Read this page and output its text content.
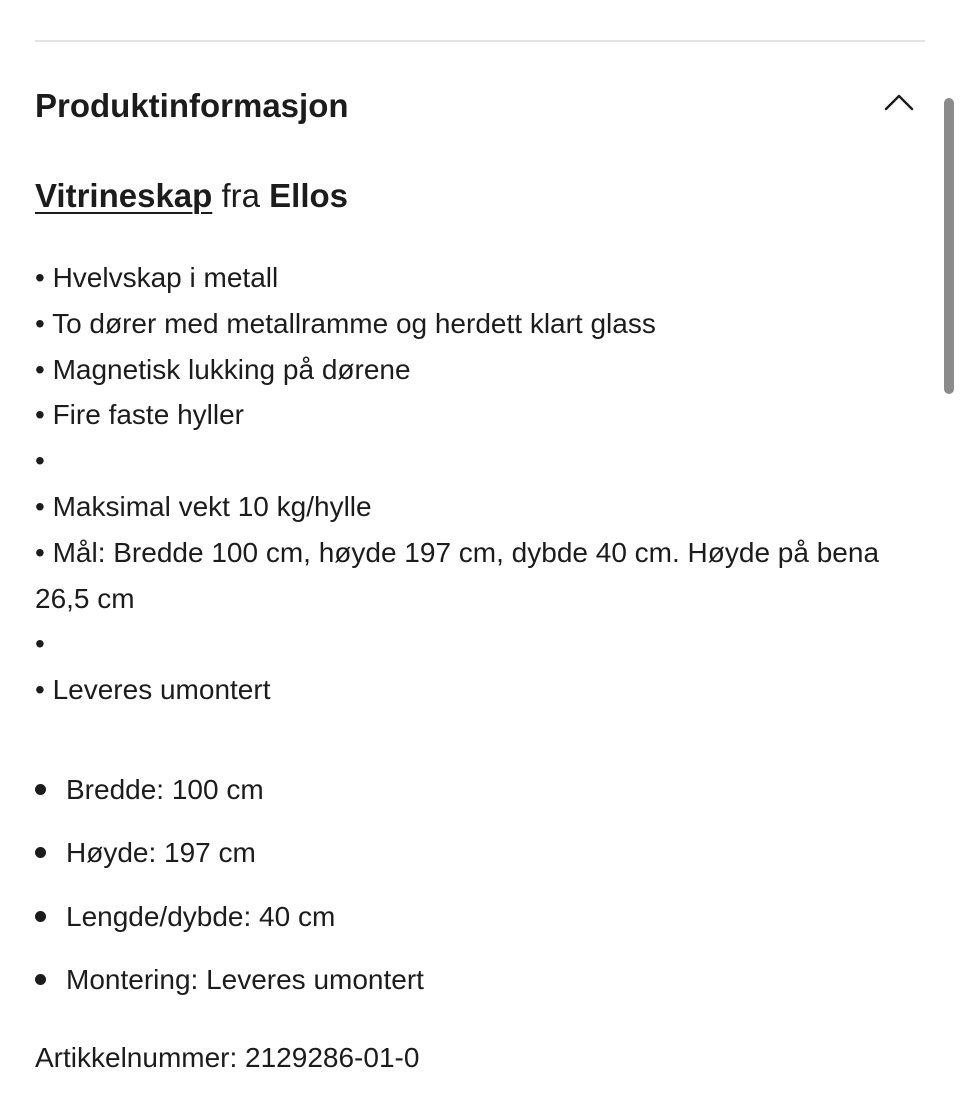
Produktinformasjon
Vitrineskap fra Ellos
• Hvelvskap i metall
• To dører med metallramme og herdett klart glass
• Magnetisk lukking på dørene
• Fire faste hyller
•
• Maksimal vekt 10 kg/hylle
• Mål: Bredde 100 cm, høyde 197 cm, dybde 40 cm. Høyde på bena 26,5 cm
•
• Leveres umontert
Bredde: 100 cm
Høyde: 197 cm
Lengde/dybde: 40 cm
Montering: Leveres umontert
Artikkelnummer: 2129286-01-0
